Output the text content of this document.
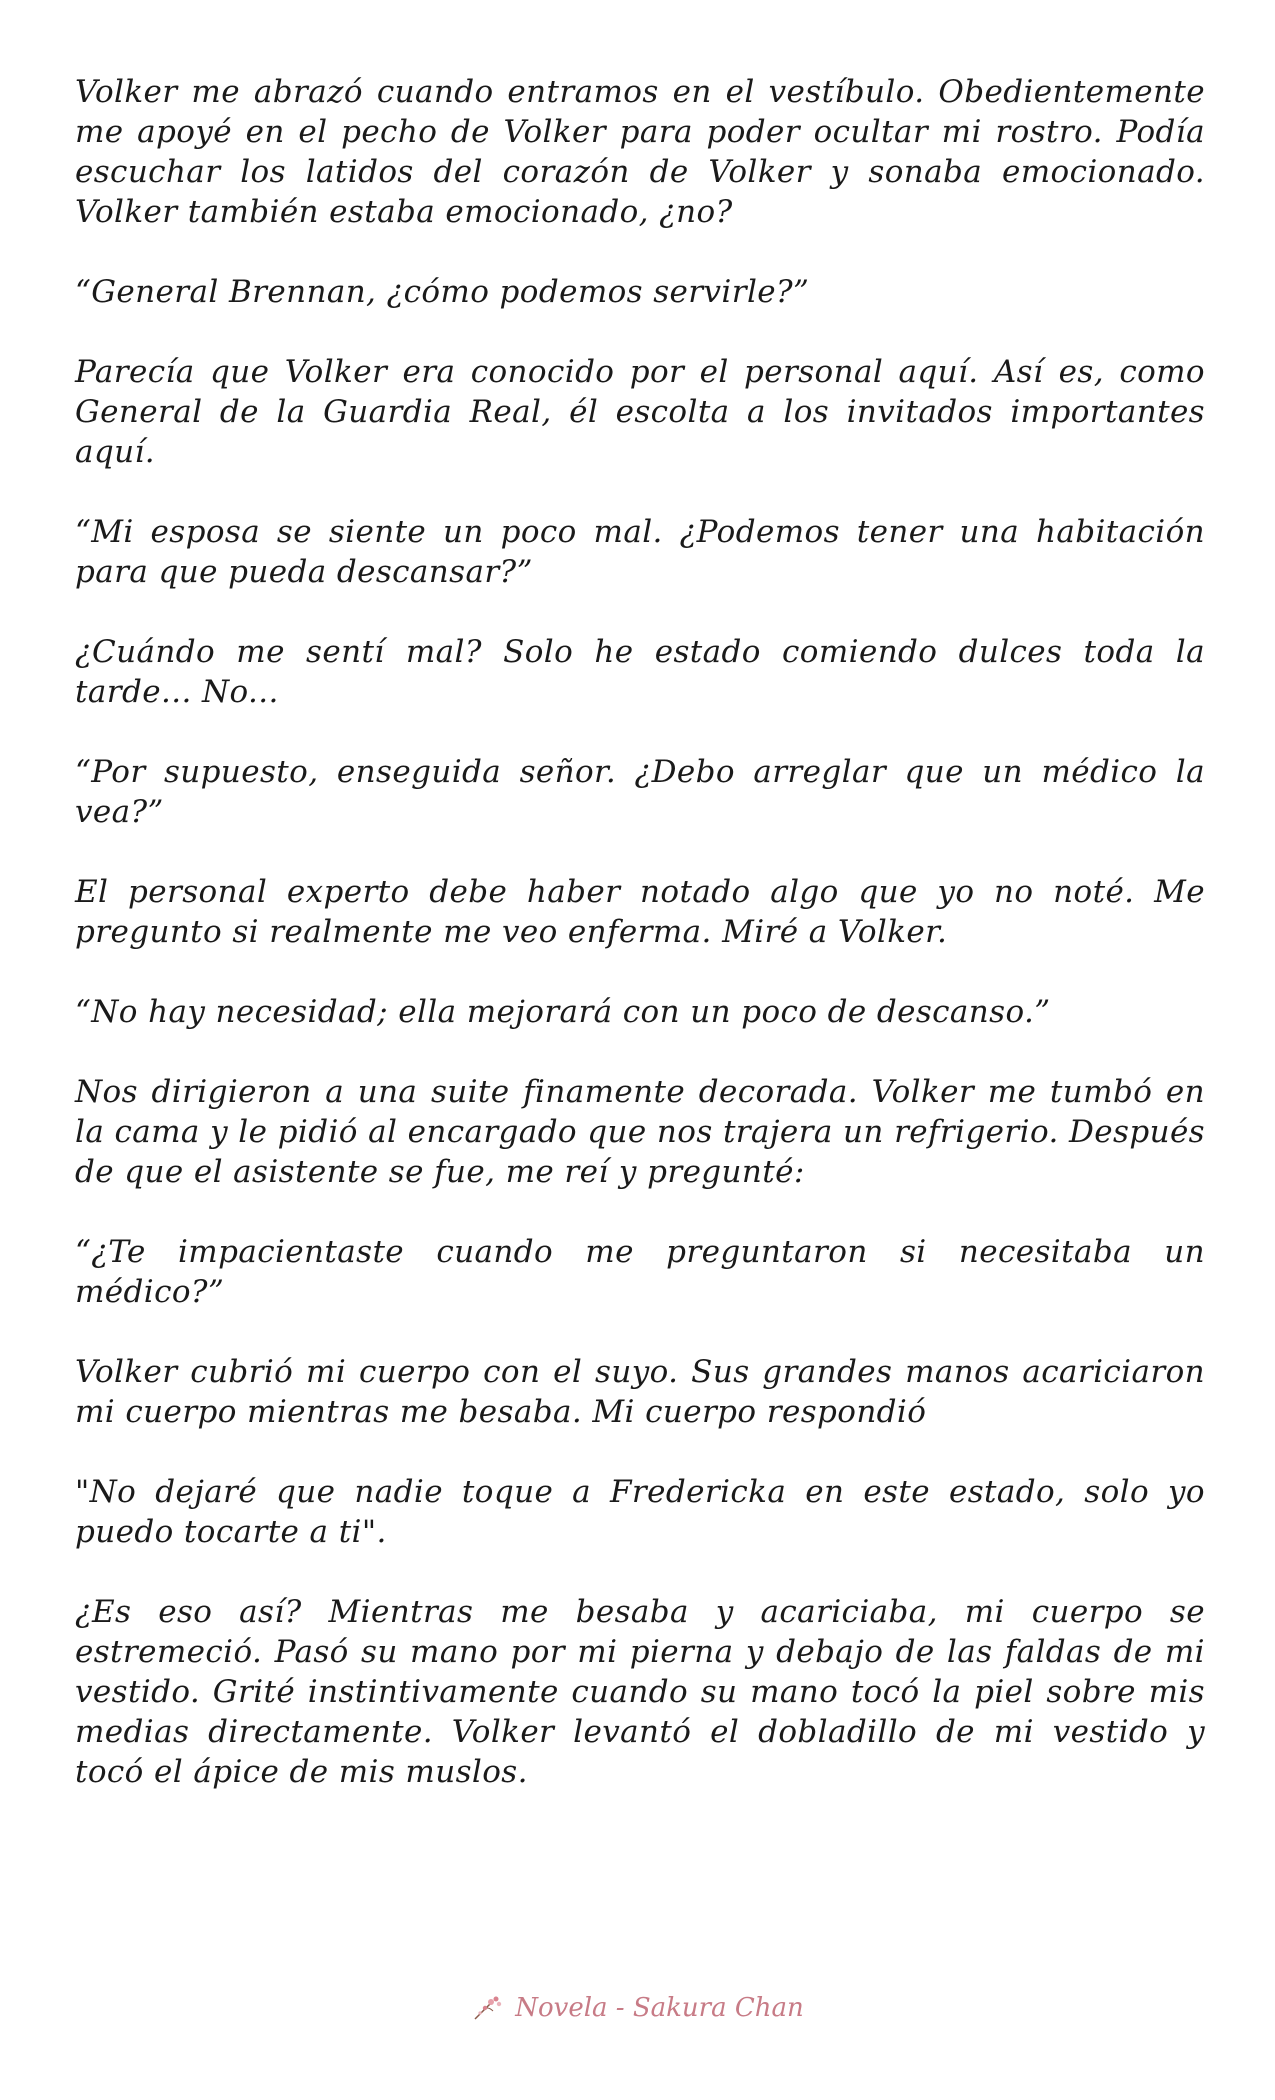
Volker me abrazó cuando entramos en el vestíbulo. Obedientemente me apoyé en el pecho de Volker para poder ocultar mi rostro. Podía escuchar los latidos del corazón de Volker y sonaba emocionado. Volker también estaba emocionado, ¿no?

“General Brennan, ¿cómo podemos servirle?”

Parecía que Volker era conocido por el personal aquí. Así es, como General de la Guardia Real, él escolta a los invitados importantes aquí.

“Mi esposa se siente un poco mal. ¿Podemos tener una habitación para que pueda descansar?”

¿Cuándo me sentí mal? Solo he estado comiendo dulces toda la tarde... No...

“Por supuesto, enseguida señor. ¿Debo arreglar que un médico la vea?”

El personal experto debe haber notado algo que yo no noté. Me pregunto si realmente me veo enferma. Miré a Volker.

“No hay necesidad; ella mejorará con un poco de descanso.”

Nos dirigieron a una suite finamente decorada. Volker me tumbó en la cama y le pidió al encargado que nos trajera un refrigerio. Después de que el asistente se fue, me reí y pregunté:

“¿Te impacientaste cuando me preguntaron si necesitaba un médico?”

Volker cubrió mi cuerpo con el suyo. Sus grandes manos acariciaron mi cuerpo mientras me besaba. Mi cuerpo respondió

"No dejaré que nadie toque a Fredericka en este estado, solo yo puedo tocarte a ti".

¿Es eso así? Mientras me besaba y acariciaba, mi cuerpo se estremeció. Pasó su mano por mi pierna y debajo de las faldas de mi vestido. Grité instintivamente cuando su mano tocó la piel sobre mis medias directamente. Volker levantó el dobladillo de mi vestido y tocó el ápice de mis muslos.

Novela - Sakura Chan
